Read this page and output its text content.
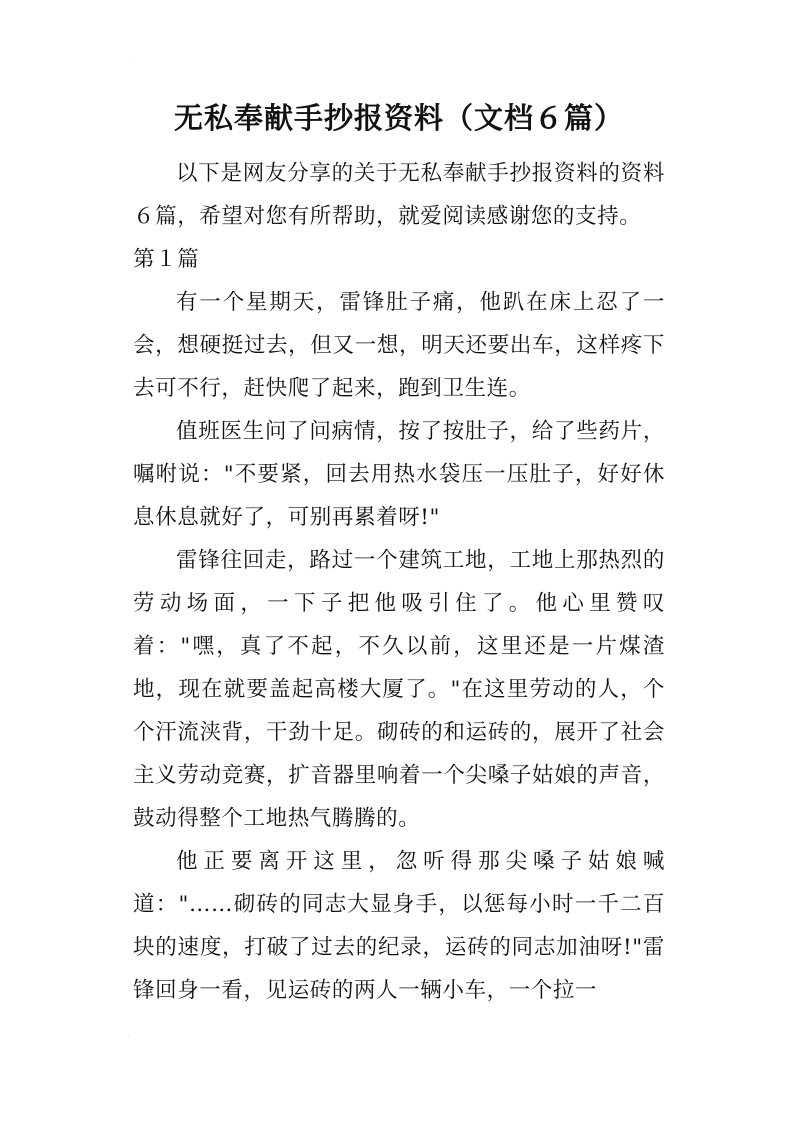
·
·
无私奉献手抄报资料（文档６篇）

以下是网友分享的关于无私奉献手抄报资料的资料６篇，希望对您有所帮助，就爱阅读感谢您的支持。

第１篇

有一个星期天，雷锋肚子痛，他趴在床上忍了一会，想硬挺过去，但又一想，明天还要出车，这样疼下去可不行，赶快爬了起来，跑到卫生连。

值班医生问了问病情，按了按肚子，给了些药片，嘱咐说："不要紧，回去用热水袋压一压肚子，好好休息休息就好了，可别再累着呀!"

雷锋往回走，路过一个建筑工地，工地上那热烈的劳动场面，一下子把他吸引住了。他心里赞叹着："嘿，真了不起，不久以前，这里还是一片煤渣地，现在就要盖起高楼大厦了。"在这里劳动的人，个个汗流浃背，干劲十足。砌砖的和运砖的，展开了社会主义劳动竞赛，扩音器里响着一个尖嗓子姑娘的声音，鼓动得整个工地热气腾腾的。

他正要离开这里，忽听得那尖嗓子姑娘喊道："……砌砖的同志大显身手，以惩每小时一千二百块的速度，打破了过去的纪录，运砖的同志加油呀!"雷锋回身一看，见运砖的两人一辆小车，一个拉一
